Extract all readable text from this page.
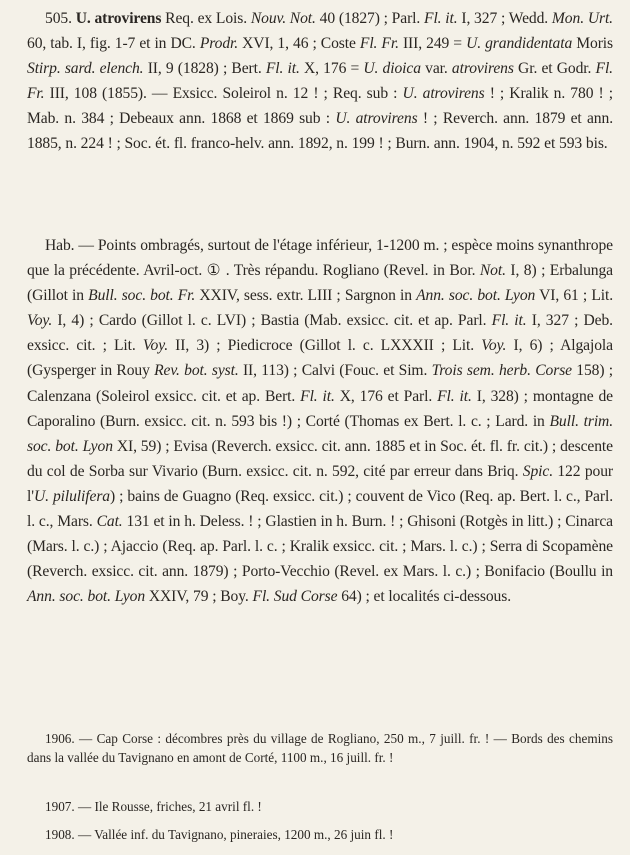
505. U. atrovirens Req. ex Lois. Nouv. Not. 40 (1827) ; Parl. Fl. it. I, 327 ; Wedd. Mon. Urt. 60, tab. I, fig. 1-7 et in DC. Prodr. XVI, 1, 46 ; Coste Fl. Fr. III, 249 = U. grandidentata Moris Stirp. sard. elench. II, 9 (1828) ; Bert. Fl. it. X, 176 = U. dioica var. atrovirens Gr. et Godr. Fl. Fr. III, 108 (1855). — Exsicc. Soleirol n. 12 ! ; Req. sub : U. atrovirens ! ; Kralik n. 780 ! ; Mab. n. 384 ; Debeaux ann. 1868 et 1869 sub : U. atrovirens ! ; Reverch. ann. 1879 et ann. 1885, n. 224 ! ; Soc. ét. fl. franco-helv. ann. 1892, n. 199 ! ; Burn. ann. 1904, n. 592 et 593 bis.

Hab. — Points ombragés, surtout de l'étage inférieur, 1-1200 m. ; espèce moins synanthrope que la précédente. Avril-oct. ① . Très répandu. Rogliano (Revel. in Bor. Not. I, 8) ; Erbalunga (Gillot in Bull. soc. bot. Fr. XXIV, sess. extr. LIII ; Sargnon in Ann. soc. bot. Lyon VI, 61 ; Lit. Voy. I, 4) ; Cardo (Gillot l. c. LVI) ; Bastia (Mab. exsicc. cit. et ap. Parl. Fl. it. I, 327 ; Deb. exsicc. cit. ; Lit. Voy. II, 3) ; Piedicroce (Gillot l. c. LXXXII ; Lit. Voy. I, 6) ; Algajola (Gysperger in Rouy Rev. bot. syst. II, 113) ; Calvi (Fouc. et Sim. Trois sem. herb. Corse 158) ; Calenzana (Soleirol exsicc. cit. et ap. Bert. Fl. it. X, 176 et Parl. Fl. it. I, 328) ; montagne de Caporalino (Burn. exsicc. cit. n. 593 bis !) ; Corté (Thomas ex Bert. l. c. ; Lard. in Bull. trim. soc. bot. Lyon XI, 59) ; Evisa (Reverch. exsicc. cit. ann. 1885 et in Soc. ét. fl. fr. cit.) ; descente du col de Sorba sur Vivario (Burn. exsicc. cit. n. 592, cité par erreur dans Briq. Spic. 122 pour l'U. pilulifera) ; bains de Guagno (Req. exsicc. cit.) ; couvent de Vico (Req. ap. Bert. l. c., Parl. l. c., Mars. Cat. 131 et in h. Deless. ! ; Glastien in h. Burn. ! ; Ghisoni (Rotgès in litt.) ; Cinarca (Mars. l. c.) ; Ajaccio (Req. ap. Parl. l. c. ; Kralik exsicc. cit. ; Mars. l. c.) ; Serra di Scopamène (Reverch. exsicc. cit. ann. 1879) ; Porto-Vecchio (Revel. ex Mars. l. c.) ; Bonifacio (Boullu in Ann. soc. bot. Lyon XXIV, 79 ; Boy. Fl. Sud Corse 64) ; et localités ci-dessous.

1906. — Cap Corse : décombres près du village de Rogliano, 250 m., 7 juill. fr. ! — Bords des chemins dans la vallée du Tavignano en amont de Corté, 1100 m., 16 juill. fr. !

1907. — Ile Rousse, friches, 21 avril fl. !

1908. — Vallée inf. du Tavignano, pineraies, 1200 m., 26 juin fl. !
